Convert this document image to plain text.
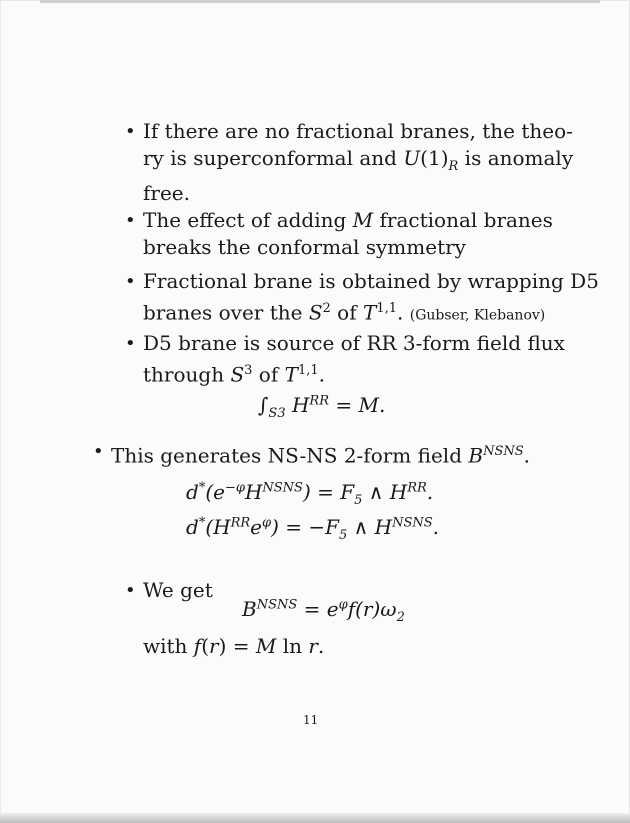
• If there are no fractional branes, the theo-
ry is superconformal and $U(1)_R$ is anomaly
free.
• The effect of adding M fractional branes
breaks the conformal symmetry
• Fractional brane is obtained by wrapping D5
branes over the $S^2$ of T$^{1,1}$. (Gubser, Klebanov)
• D5 brane is source of RR 3-form field flux
through $S^3$ of T$^{1,1}$.
$\int_{S3}$ $H^{RR} = M$.
• This generates NS-NS 2-form field $B^{NSNS}$.
$d^*(e^{-\varphi}H^{NSNS}) = F_5$ ∧ $H^{RR}$.
$d^*(H^{RR}e^\varphi) = -F_5$ ∧ $H^{NSNS}$.
• We get
$B^{NSNS} = e^\varphi f(r)\omega_2$
with f(r) = M ln r.
11
